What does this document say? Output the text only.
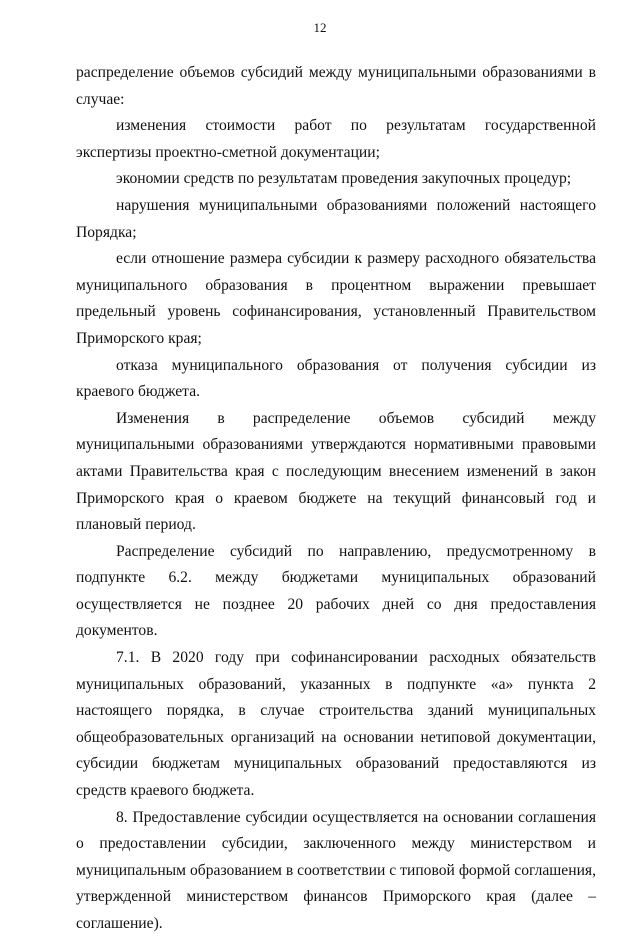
12

распределение объемов субсидий между муниципальными образованиями в случае:

изменения стоимости работ по результатам государственной экспертизы проектно-сметной документации;

экономии средств по результатам проведения закупочных процедур;

нарушения муниципальными образованиями положений настоящего Порядка;

если отношение размера субсидии к размеру расходного обязательства муниципального образования в процентном выражении превышает предельный уровень софинансирования, установленный Правительством Приморского края;

отказа муниципального образования от получения субсидии из краевого бюджета.

Изменения в распределение объемов субсидий между муниципальными образованиями утверждаются нормативными правовыми актами Правительства края с последующим внесением изменений в закон Приморского края о краевом бюджете на текущий финансовый год и плановый период.

Распределение субсидий по направлению, предусмотренному в подпункте 6.2. между бюджетами муниципальных образований осуществляется не позднее 20 рабочих дней со дня предоставления документов.

7.1. В 2020 году при софинансировании расходных обязательств муниципальных образований, указанных в подпункте «а» пункта 2 настоящего порядка, в случае строительства зданий муниципальных общеобразовательных организаций на основании нетиповой документации, субсидии бюджетам муниципальных образований предоставляются из средств краевого бюджета.

8. Предоставление субсидии осуществляется на основании соглашения о предоставлении субсидии, заключенного между министерством и муниципальным образованием в соответствии с типовой формой соглашения, утвержденной министерством финансов Приморского края (далее – соглашение).
